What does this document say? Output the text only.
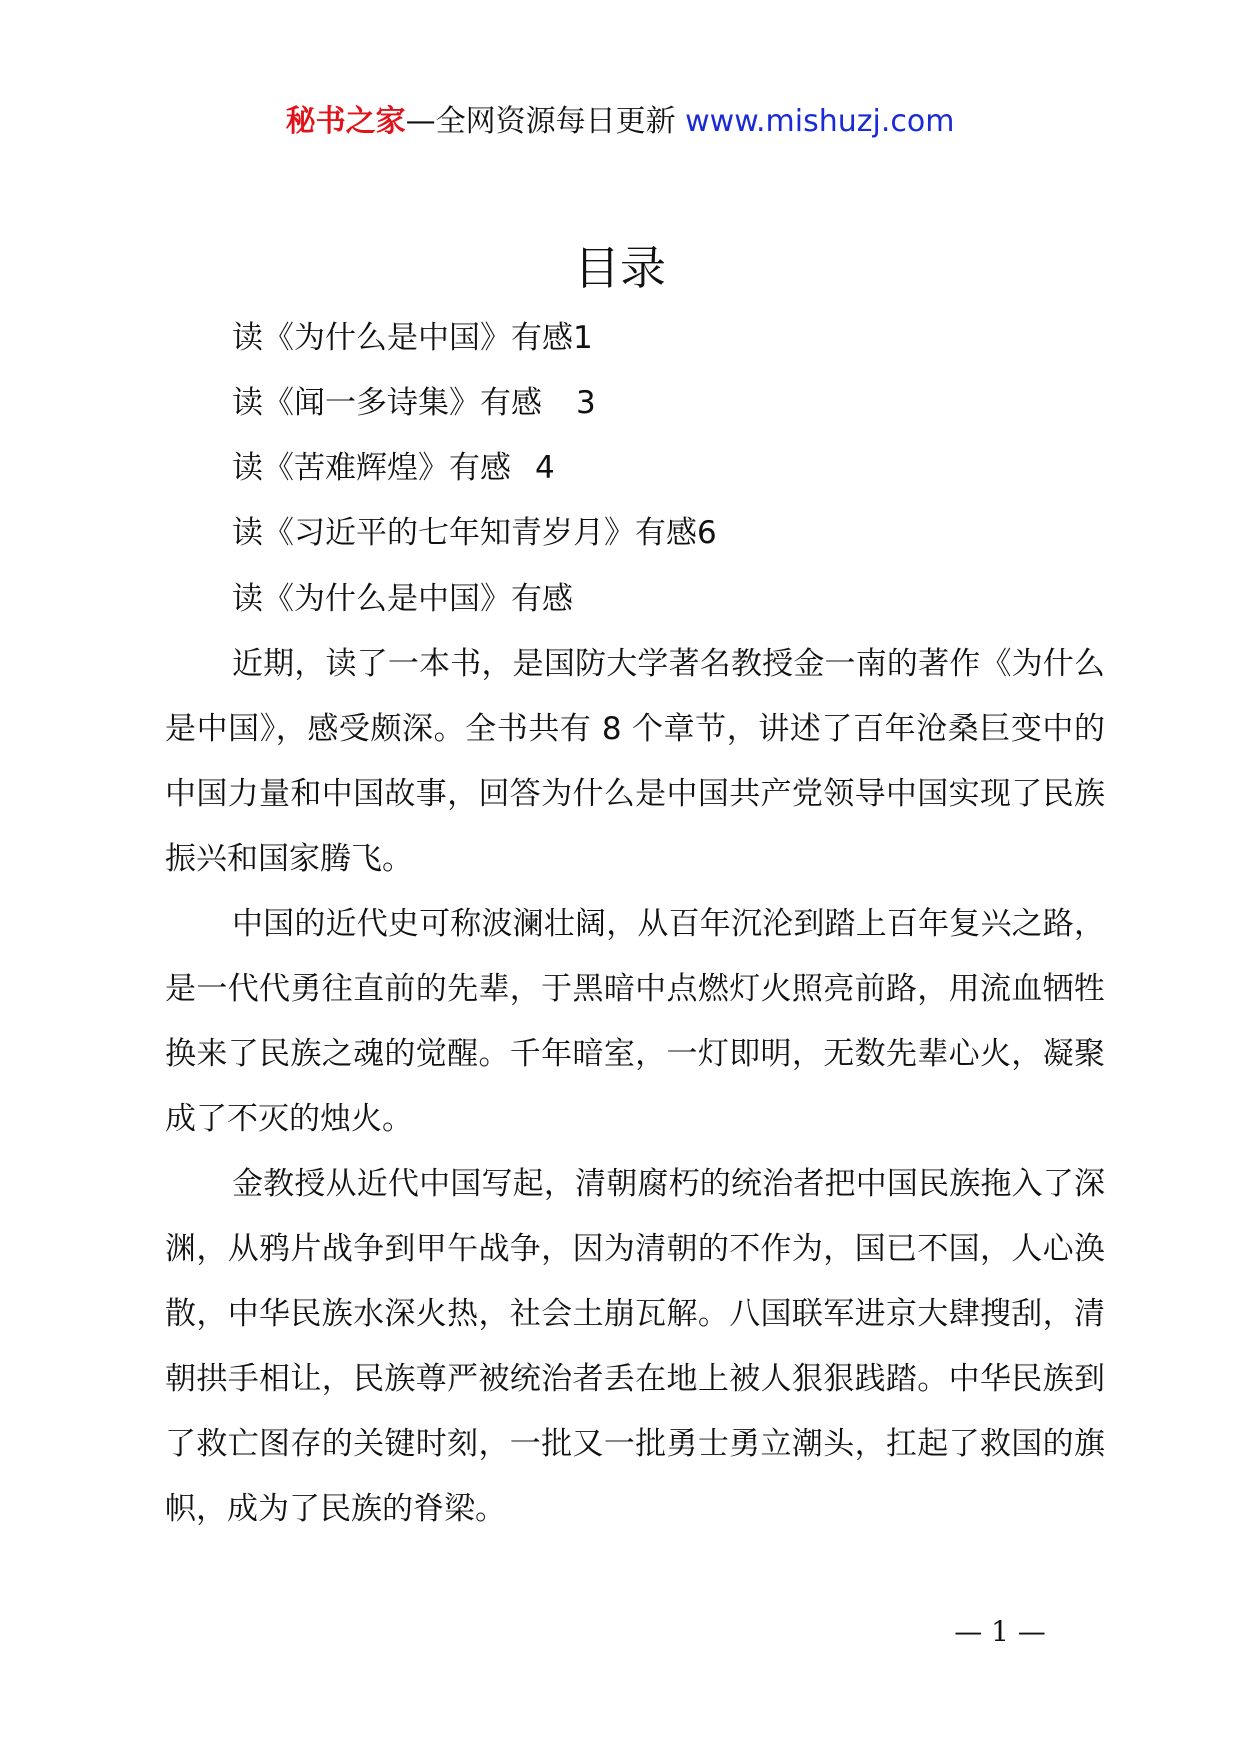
秘书之家—全网资源每日更新 www.mishuzj.com
目录
读《为什么是中国》有感1
读《闻一多诗集》有感 3
读《苦难辉煌》有感 4
读《习近平的七年知青岁月》有感6
读《为什么是中国》有感

近期，读了一本书，是国防大学著名教授金一南的著作《为什么是中国》，感受颇深。全书共有 8 个章节，讲述了百年沧桑巨变中的中国力量和中国故事，回答为什么是中国共产党领导中国实现了民族振兴和国家腾飞。

中国的近代史可称波澜壮阔，从百年沉沦到踏上百年复兴之路，是一代代勇往直前的先辈，于黑暗中点燃灯火照亮前路，用流血牺牲换来了民族之魂的觉醒。千年暗室，一灯即明，无数先辈心火，凝聚成了不灭的烛火。

金教授从近代中国写起，清朝腐朽的统治者把中国民族拖入了深渊，从鸦片战争到甲午战争，因为清朝的不作为，国已不国，人心涣散，中华民族水深火热，社会土崩瓦解。八国联军进京大肆搜刮，清朝拱手相让，民族尊严被统治者丢在地上被人狠狠践踏。中华民族到了救亡图存的关键时刻，一批又一批勇士勇立潮头，扛起了救国的旗帜，成为了民族的脊梁。

— 1 —
